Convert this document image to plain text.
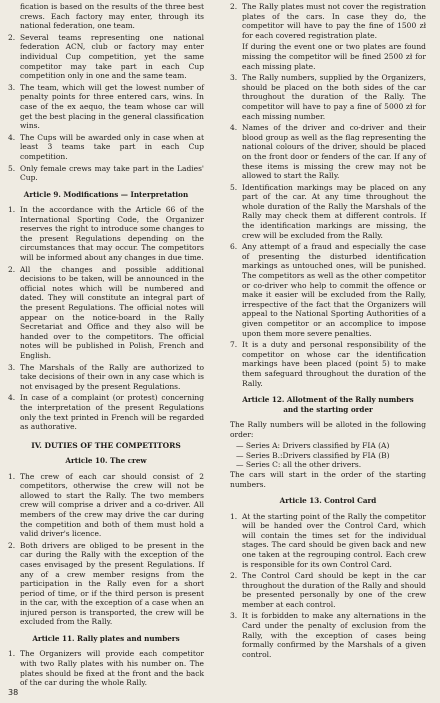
fication is based on the results of the three best crews. Each factory may enter, through its national federation, one team.
2. Several teams representing one national federation ACN, club or factory may enter individual Cup competition, yet the same competitor may take part in each Cup competition only in one and the same team.
3. The team, which will get the lowest number of penalty points for three entered cars, wins. In case of the ex aequo, the team whose car will get the best placing in the general classification wins.
4. The Cups will be awarded only in case when at least 3 teams take part in each Cup competition.
5. Only female crews may take part in the Ladies' Cup.
Article 9. Modifications — Interpretation
1. In the accordance with the Article 66 of the International Sporting Code, the Organizer reserves the right to introduce some changes to the present Regulations depending on the circumstances that may occur. The competitors will be informed about any changes in due time.
2. All the changes and possible additional decisions to be taken, will be announced in the official notes which will be numbered and dated. They will constitute an integral part of the present Regulations. The official notes will appear on the notice-board in the Rally Secretariat and Office and they also will be handed over to the competitors. The official notes will be published in Polish, French and English.
3. The Marshals of the Rally are authorized to take decisions of their own in any case which is not envisaged by the present Regulations.
4. In case of a complaint (or protest) concerning the interpretation of the present Regulations only the text printed in French will be regarded as authorative.
IV. DUTIES OF THE COMPETITORS
Article 10. The crew
1. The crew of each car should consist of 2 competitors, otherwise the crew will not be allowed to start the Rally. The two members crew will comprise a driver and a co-driver. All members of the crew may drive the car during the competition and both of them must hold a valid driver's licence.
2. Both drivers are obliged to be present in the car during the Rally with the exception of the cases envisaged by the present Regulations. If any of a crew member resigns from the participation in the Rally even for a short period of time, or if the third person is present in the car, with the exception of a case when an injured person is transported, the crew will be excluded from the Rally.
Article 11. Rally plates and numbers
1. The Organizers will provide each competitor with two Rally plates with his number on. The plates should be fixed at the front and the back of the car during the whole Rally.
2. The Rally plates must not cover the registration plates of the cars. In case they do, the competitor will have to pay the fine of 1500 zł for each covered registration plate.
If during the event one or two plates are found missing the competitor will be fined 2500 zł for each missing plate.
3. The Rally numbers, supplied by the Organizers, should be placed on the both sides of the car throughout the duration of the Rally. The competitor will have to pay a fine of 5000 zł for each missing number.
4. Names of the driver and co-driver and their blood group as well as the flag representing the national colours of the driver, should be placed on the front door or fenders of the car. If any of these items is missing the crew may not be allowed to start the Rally.
5. Identification markings may be placed on any part of the car. At any time throughout the whole duration of the Rally the Marshals of the Rally may check them at different controls. If the identification markings are missing, the crew will be excluded from the Rally.
6. Any attempt of a fraud and especially the case of presenting the disturbed identification markings as untouched ones, will be punished. The competitors as well as the other competitor or co-driver who help to commit the offence or make it easier will be excluded from the Rally, irrespective of the fact that the Organizers will appeal to the National Sporting Authorities of a given competitor or an accomplice to impose upon them more severe penalties.
7. It is a duty and personal responsibility of the competitor on whose car the identification markings have been placed (point 5) to make them safeguard throughout the duration of the Rally.
Article 12. Allotment of the Rally numbers
and the starting order

The Rally numbers will be alloted in the following order:

— Series A: Drivers classified by FIA (A)

— Series B.:Drivers classified by FIA (B)

— Series C: all the other drivers.

The cars will start in the order of the starting numbers.

Article 13. Control Card
1. At the starting point of the Rally the competitor will be handed over the Control Card, which will contain the times set for the individual stages. The card should be given back and new one taken at the regrouping control. Each crew is responsible for its own Control Card.
2. The Control Card should be kept in the car throughout the duration of the Rally and should be presented personally by one of the crew member at each control.
3. It is forbidden to make any alternations in the Card under the penalty of exclusion from the Rally, with the exception of cases being formally confirmed by the Marshals of a given control.
38
